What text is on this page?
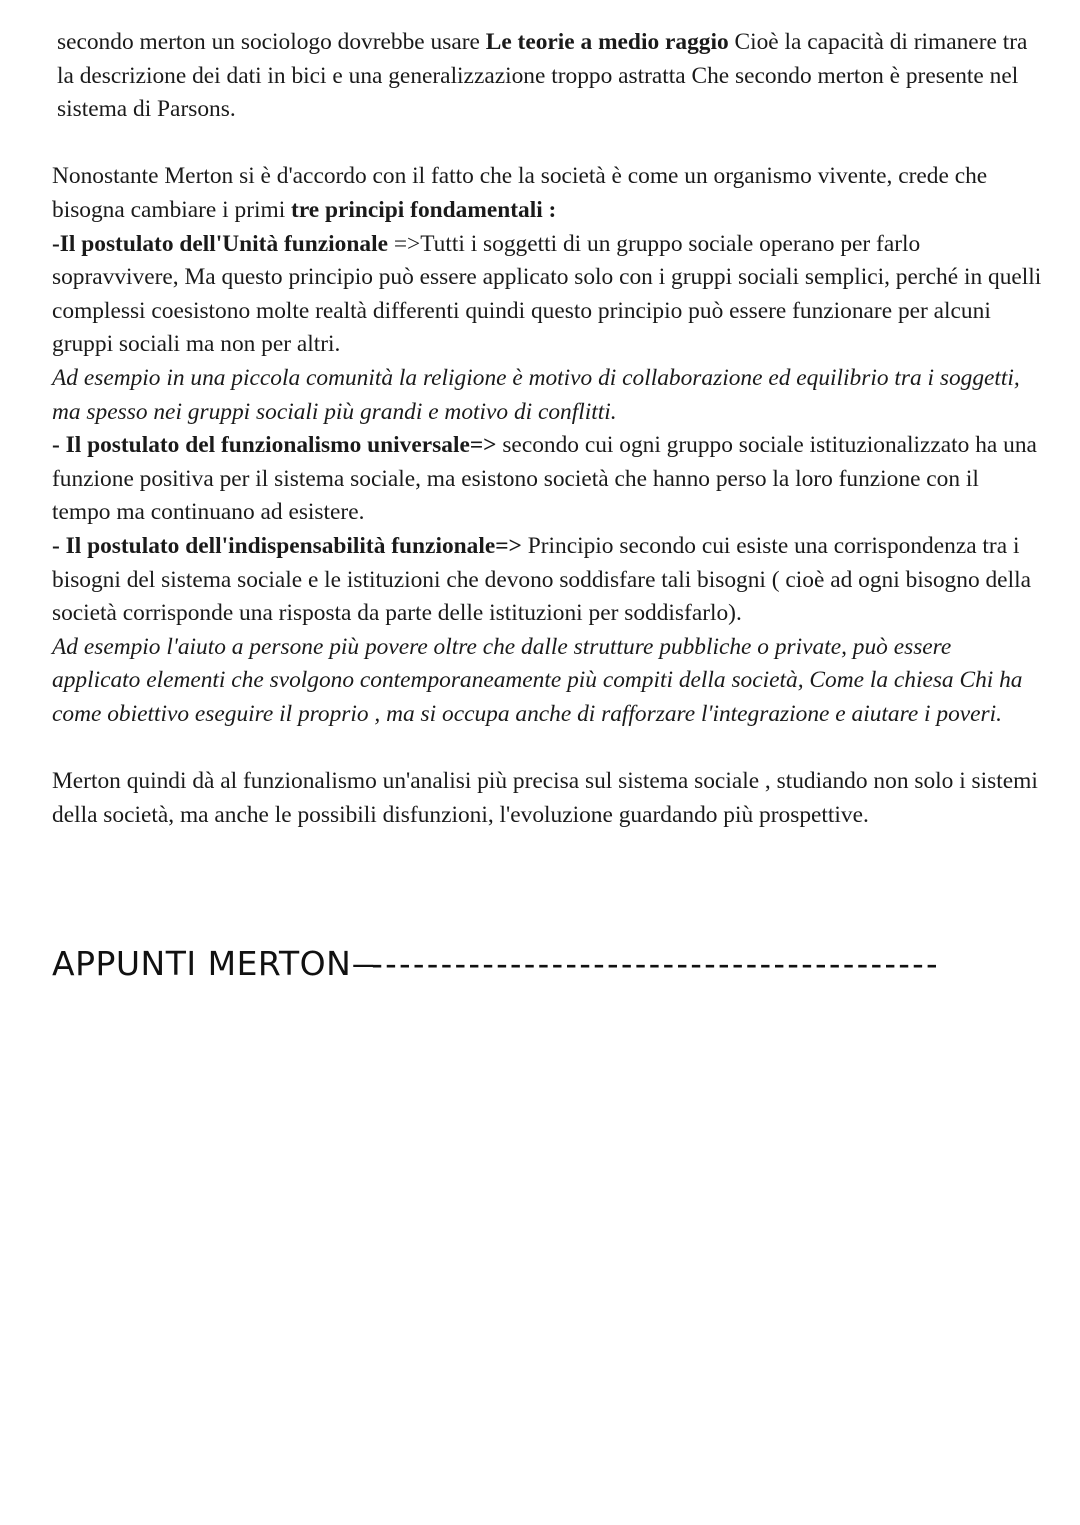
secondo merton un sociologo dovrebbe usare Le teorie a medio raggio Cioè la capacità di rimanere tra la descrizione dei dati in bici e una generalizzazione troppo astratta Che secondo merton è presente nel sistema di Parsons.

Nonostante Merton si è d'accordo con il fatto che la società è come un organismo vivente, crede che bisogna cambiare i primi tre principi fondamentali :

-Il postulato dell'Unità funzionale =>Tutti i soggetti di un gruppo sociale operano per farlo sopravvivere, Ma questo principio può essere applicato solo con i gruppi sociali semplici, perché in quelli complessi coesistono molte realtà differenti quindi questo principio può essere funzionare per alcuni gruppi sociali ma non per altri.

Ad esempio in una piccola comunità la religione è motivo di collaborazione ed equilibrio tra i soggetti, ma spesso nei gruppi sociali più grandi e motivo di conflitti.

- Il postulato del funzionalismo universale=> secondo cui ogni gruppo sociale istituzionalizzato ha una funzione positiva per il sistema sociale, ma esistono società che hanno perso la loro funzione con il tempo ma continuano ad esistere.

- Il postulato dell'indispensabilità funzionale=> Principio secondo cui esiste una corrispondenza tra i bisogni del sistema sociale e le istituzioni che devono soddisfare tali bisogni ( cioè ad ogni bisogno della società corrisponde una risposta da parte delle istituzioni per soddisfarlo).

Ad esempio l'aiuto a persone più povere oltre che dalle strutture pubbliche o private, può essere applicato elementi che svolgono contemporaneamente più compiti della società, Come la chiesa Chi ha come obiettivo eseguire il proprio , ma si occupa anche di rafforzare l'integrazione e aiutare i poveri.

Merton quindi dà al funzionalismo un'analisi più precisa sul sistema sociale , studiando non solo i sistemi della società, ma anche le possibili disfunzioni, l'evoluzione guardando più prospettive.

APPUNTI MERTON —-----------------------------------------
